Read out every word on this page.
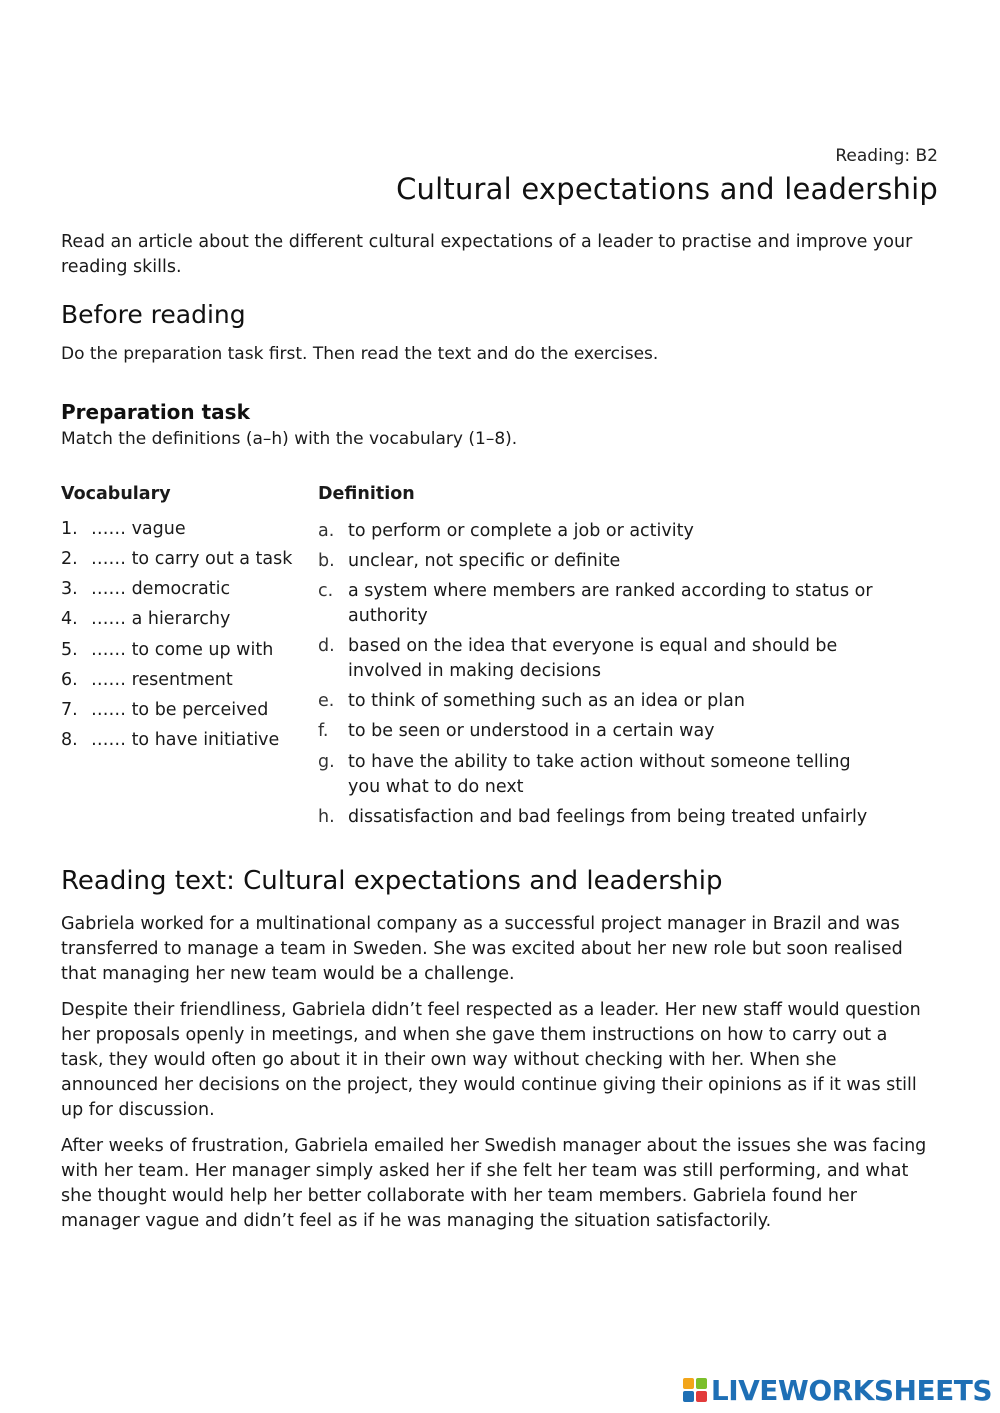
Reading: B2
Cultural expectations and leadership
Read an article about the different cultural expectations of a leader to practise and improve your reading skills.
Before reading
Do the preparation task first. Then read the text and do the exercises.
Preparation task
Match the definitions (a–h) with the vocabulary (1–8).
Vocabulary	Definition
1. …… vague
2. …… to carry out a task
3. …… democratic
4. …… a hierarchy
5. …… to come up with
6. …… resentment
7. …… to be perceived
8. …… to have initiative
a. to perform or complete a job or activity
b. unclear, not specific or definite
c. a system where members are ranked according to status or authority
d. based on the idea that everyone is equal and should be involved in making decisions
e. to think of something such as an idea or plan
f.	to be seen or understood in a certain way
g. to have the ability to take action without someone telling you what to do next
h. dissatisfaction and bad feelings from being treated unfairly
Reading text: Cultural expectations and leadership

Gabriela worked for a multinational company as a successful project manager in Brazil and was transferred to manage a team in Sweden. She was excited about her new role but soon realised that managing her new team would be a challenge.

Despite their friendliness, Gabriela didn’t feel respected as a leader. Her new staff would question her proposals openly in meetings, and when she gave them instructions on how to carry out a task, they would often go about it in their own way without checking with her. When she announced her decisions on the project, they would continue giving their opinions as if it was still up for discussion.

After weeks of frustration, Gabriela emailed her Swedish manager about the issues she was facing with her team. Her manager simply asked her if she felt her team was still performing, and what she thought would help her better collaborate with her team members. Gabriela found her manager vague and didn’t feel as if he was managing the situation satisfactorily.

LIVEWORKSHEETS
